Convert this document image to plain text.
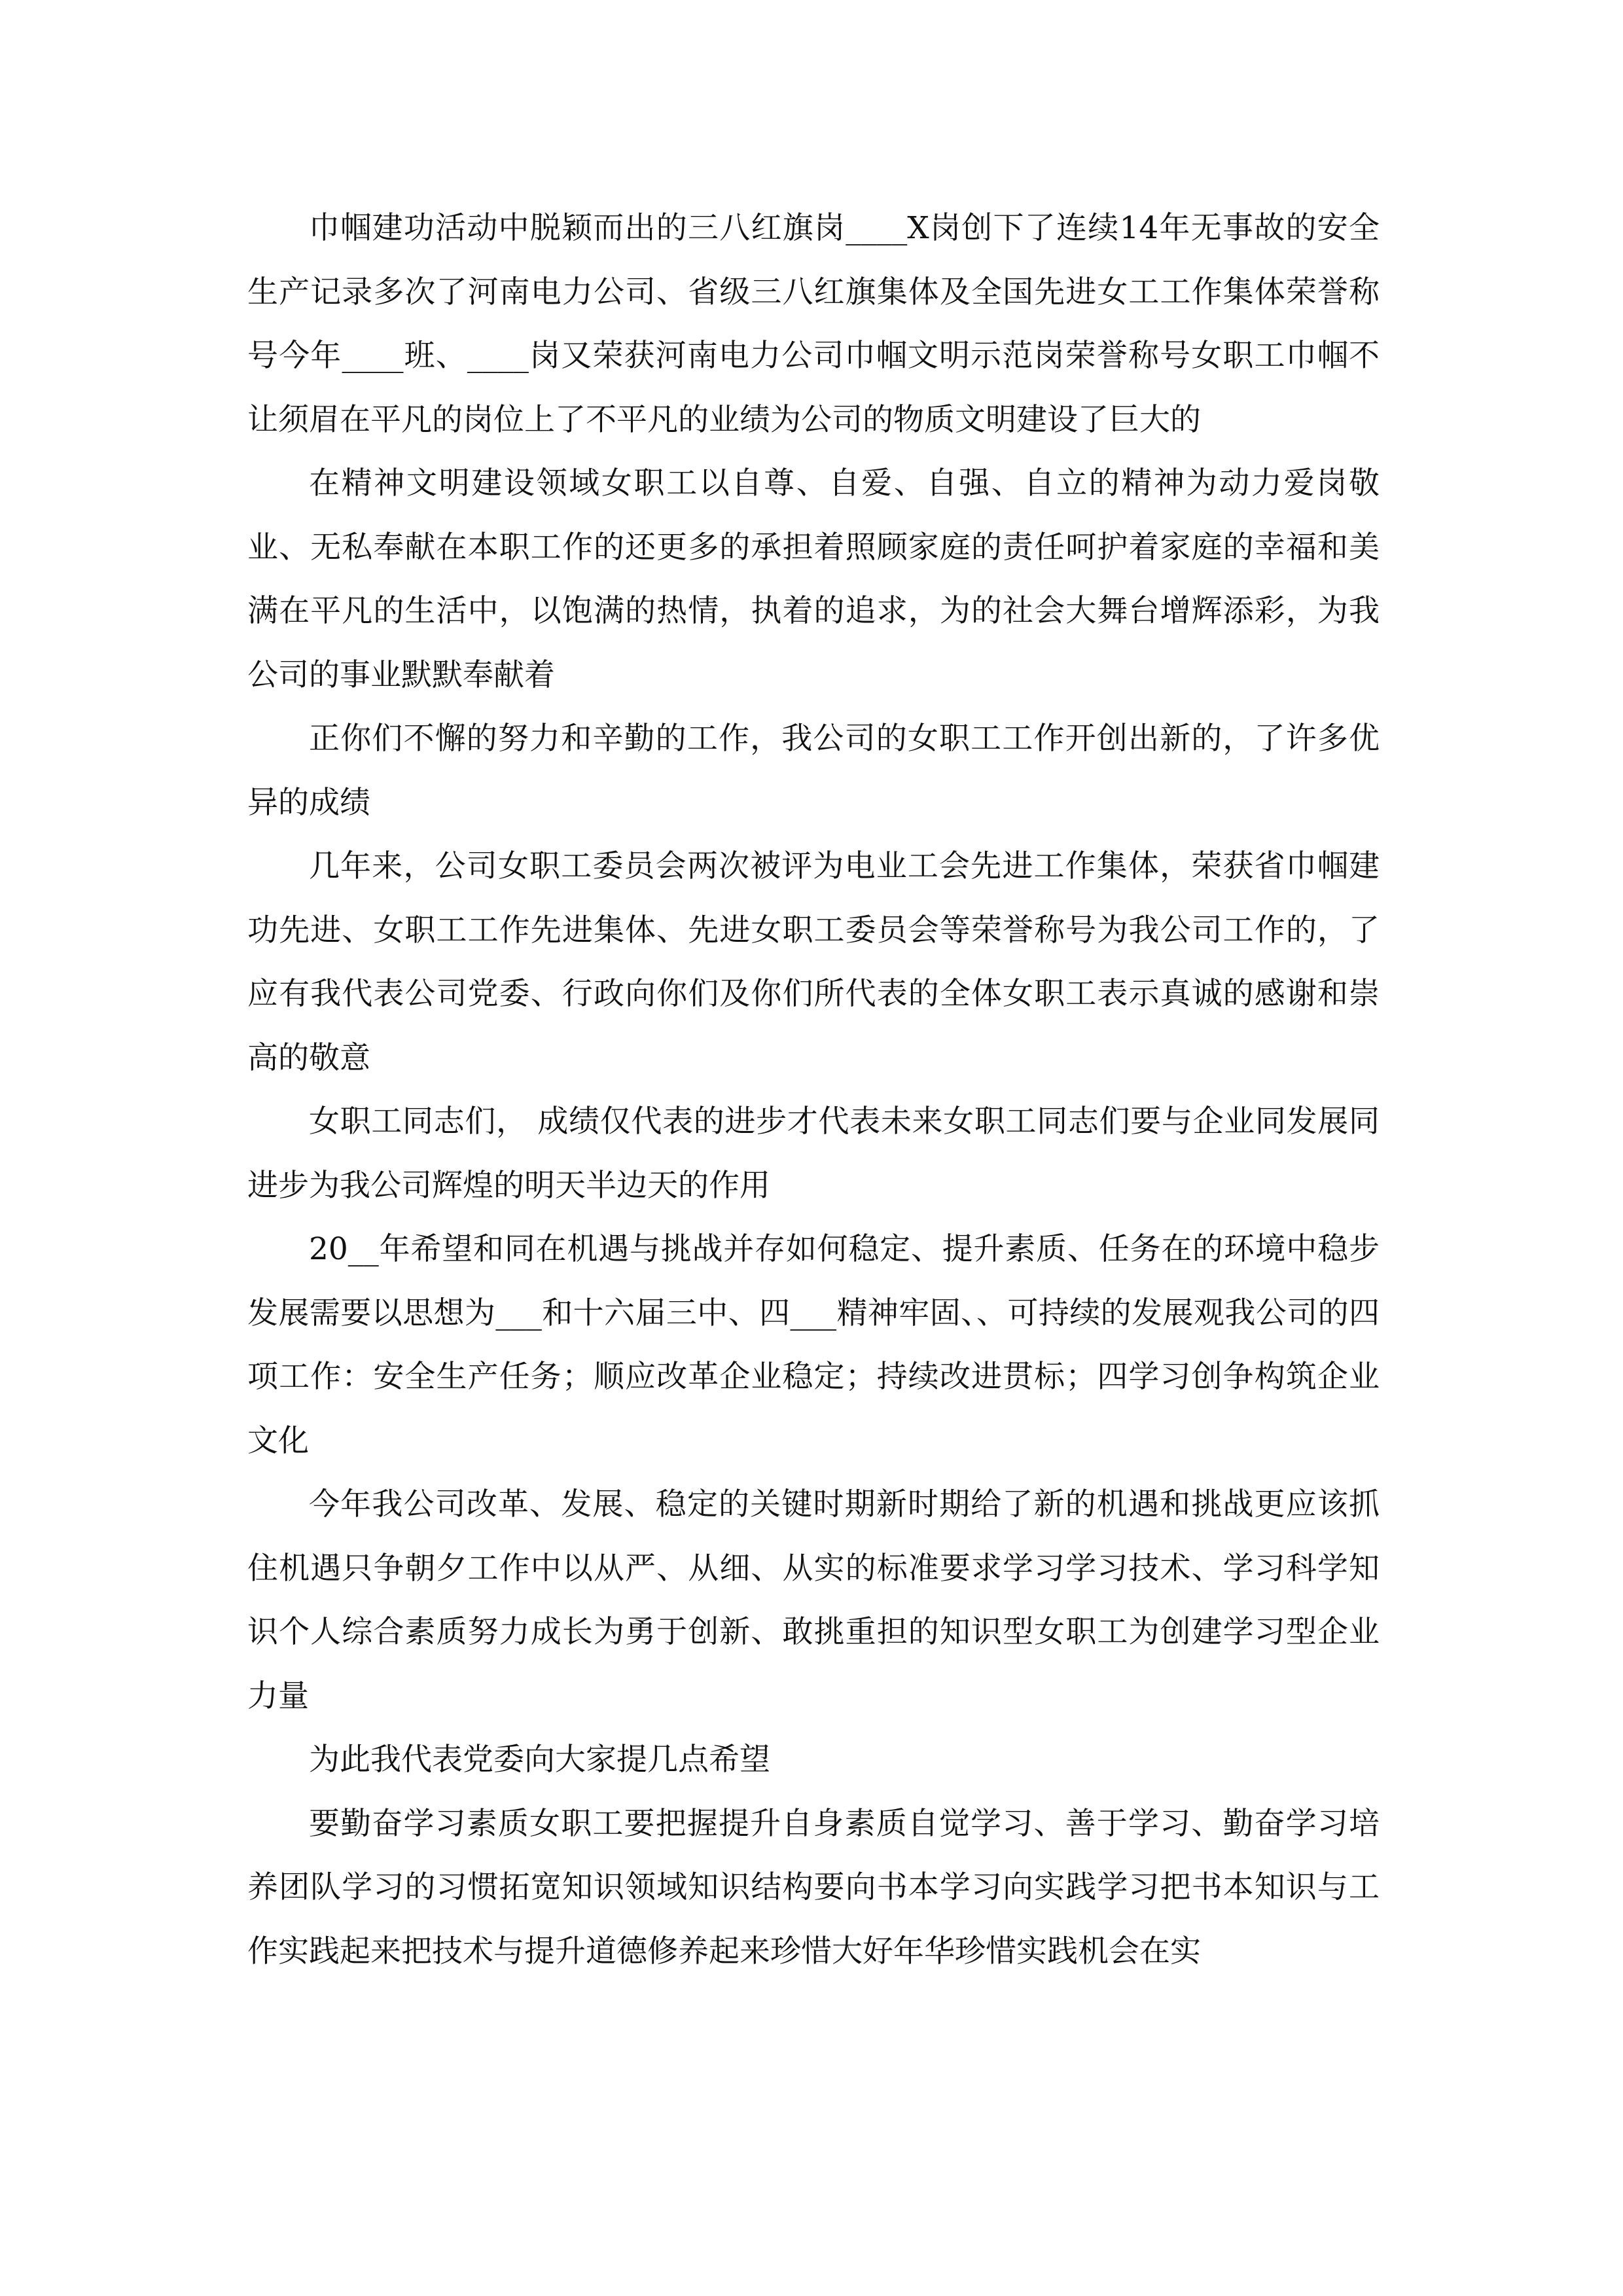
巾帼建功活动中脱颖而出的三八红旗岗____X岗创下了连续14年无事故的安全生产记录多次了河南电力公司、省级三八红旗集体及全国先进女工工作集体荣誉称号今年____班、____岗又荣获河南电力公司巾帼文明示范岗荣誉称号女职工巾帼不让须眉在平凡的岗位上了不平凡的业绩为公司的物质文明建设了巨大的

在精神文明建设领域女职工以自尊、自爱、自强、自立的精神为动力爱岗敬业、无私奉献在本职工作的还更多的承担着照顾家庭的责任呵护着家庭的幸福和美满在平凡的生活中，以饱满的热情，执着的追求，为的社会大舞台增辉添彩，为我公司的事业默默奉献着

正你们不懈的努力和辛勤的工作，我公司的女职工工作开创出新的，了许多优异的成绩

几年来，公司女职工委员会两次被评为电业工会先进工作集体，荣获省巾帼建功先进、女职工工作先进集体、先进女职工委员会等荣誉称号为我公司工作的，了应有我代表公司党委、行政向你们及你们所代表的全体女职工表示真诚的感谢和崇高的敬意

女职工同志们， 成绩仅代表的进步才代表未来女职工同志们要与企业同发展同进步为我公司辉煌的明天半边天的作用

20__年希望和同在机遇与挑战并存如何稳定、提升素质、任务在的环境中稳步发展需要以思想为___和十六届三中、四___精神牢固、、可持续的发展观我公司的四项工作：安全生产任务；顺应改革企业稳定；持续改进贯标；四学习创争构筑企业文化

今年我公司改革、发展、稳定的关键时期新时期给了新的机遇和挑战更应该抓住机遇只争朝夕工作中以从严、从细、从实的标准要求学习学习技术、学习科学知识个人综合素质努力成长为勇于创新、敢挑重担的知识型女职工为创建学习型企业力量

为此我代表党委向大家提几点希望

要勤奋学习素质女职工要把握提升自身素质自觉学习、善于学习、勤奋学习培养团队学习的习惯拓宽知识领域知识结构要向书本学习向实践学习把书本知识与工作实践起来把技术与提升道德修养起来珍惜大好年华珍惜实践机会在实
